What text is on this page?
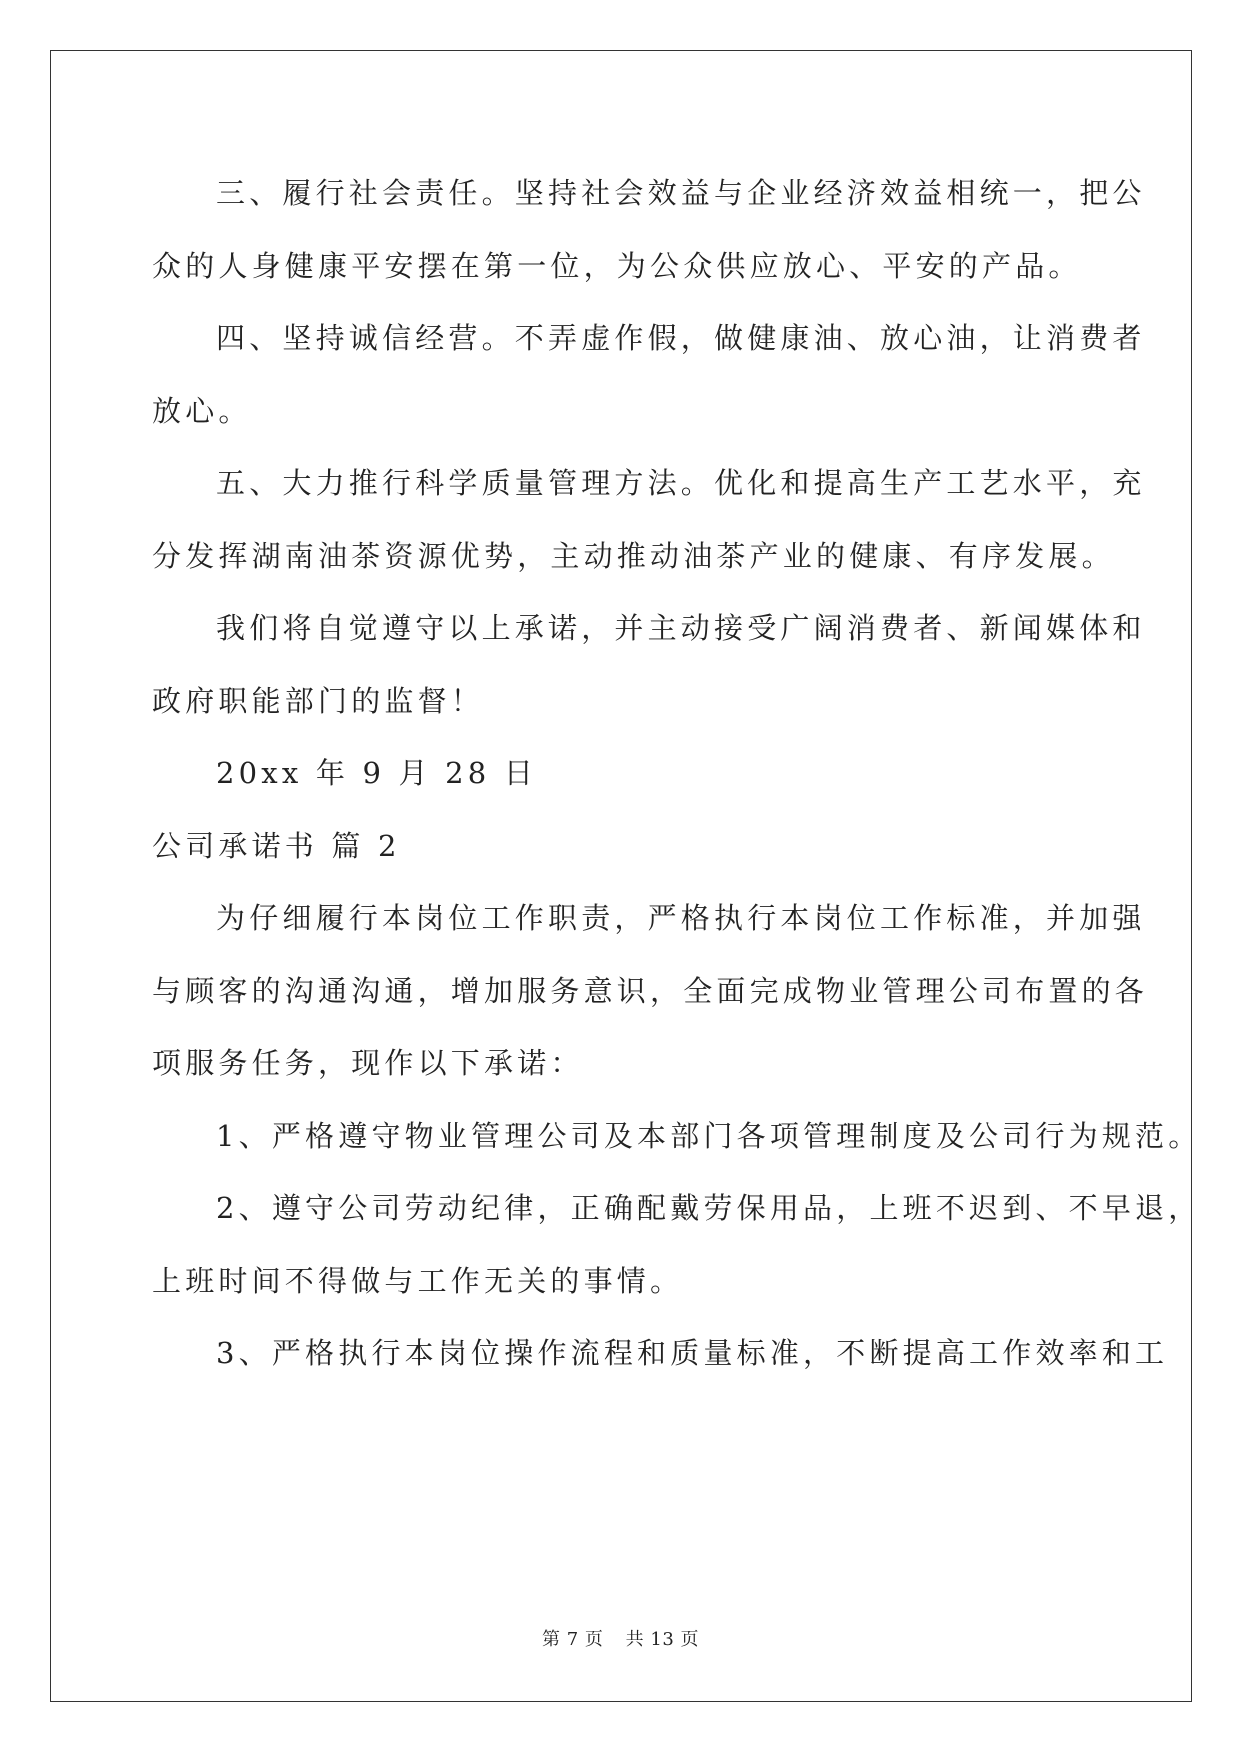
三、履行社会责任。坚持社会效益与企业经济效益相统一，把公
众的人身健康平安摆在第一位，为公众供应放心、平安的产品。
四、坚持诚信经营。不弄虚作假，做健康油、放心油，让消费者
放心。
五、大力推行科学质量管理方法。优化和提高生产工艺水平，充
分发挥湖南油茶资源优势，主动推动油茶产业的健康、有序发展。
我们将自觉遵守以上承诺，并主动接受广阔消费者、新闻媒体和
政府职能部门的监督！
20xx 年 9 月 28 日
公司承诺书 篇 2
为仔细履行本岗位工作职责，严格执行本岗位工作标准，并加强
与顾客的沟通沟通，增加服务意识，全面完成物业管理公司布置的各
项服务任务，现作以下承诺：
1、严格遵守物业管理公司及本部门各项管理制度及公司行为规范。
2、遵守公司劳动纪律，正确配戴劳保用品，上班不迟到、不早退，
上班时间不得做与工作无关的事情。
3、严格执行本岗位操作流程和质量标准，不断提高工作效率和工
第 7 页 共 13 页
